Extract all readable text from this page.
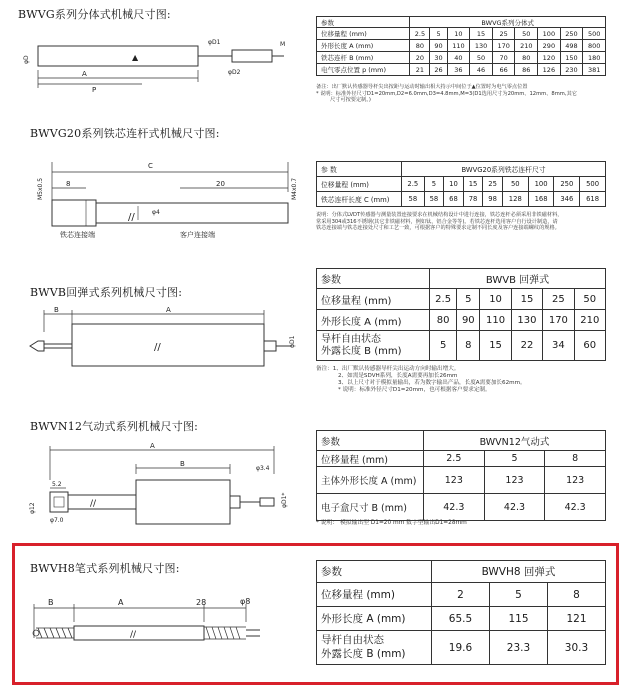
BWVG系列分体式机械尺寸图:
A
P
φD
φD1
φD2
M
▲
参数	BWVG系列分体式								
位移量程 (mm)	2.5	5	10	15	25	50	100	250	500
外形长度 A (mm)	80	90	110	130	170	210	290	498	800
铁芯连杆 B (mm)	20	30	40	50	70	80	120	150	180
电气零点位置 p (mm)	21	26	36	46	66	86	126	230	381
备注：出厂默认传感器导杆尖出按距与运动时输出相大持示中间位于▲位置时为电气零点位置
* 说明：标准外径尺寸D1=20mm,D2=6.0mm,D3=4.8mm,M=3(D1选用尺寸为20mm、12mm、8mm,其它
尺寸可按要定制。)
BWVG20系列铁芯连杆式机械尺寸图:
C
8	20
//
M5x0.5	M4x0.7
φ4
铁芯连接端	客户连接端
参 数	BWVG20系列铁芯连杆尺寸								
位移量程 (mm)	2.5	5	10	15	25	50	100	250	500
铁芯连杆长度 C (mm)	58	58	68	78	98	128	168	346	618
说明：分体式LVDT传感器与测量装置连接要求在机械结构设计中进行连接，铁芯连杆必须采用非铁磁材料，
常采用304或316不锈钢(其它非铁磁材料，例如钛，铝合金等等)。若铁芯连杆选用客户自行设计制造，请
铁芯连接端与铁芯连接处尺寸和工艺一致，可根据客户的特殊要求定制不同长度及客户连接端螺纹的规格。
BWVB回弹式系列机械尺寸图:
B	A
//	φD1
参数	BWVB 回弹式					
位移量程 (mm)	2.5	5	10	15	25	50
外形长度 A (mm)	80	90	110	130	170	210

导杆自由状态
外露长度 B (mm)	5	8	15	22	34	60
备注：1、出厂默认传感器导杆尖出运动方向时输出增大。
2、如需是SDVH系列，长度A需要再加长26mm
3、以上尺寸对于模拟量输出，若为数字输出产品，长度A需要加长62mm。
* 说明：标准外径尺寸D1=20mm，也可根据客户要求定制。
BWVN12气动式系列机械尺寸图:
A
B
5.2
//
φ12
φ7.0
φ3.4
φD1*
参数	BWVN12气动式		
位移量程 (mm)	2.5	5	8
主体外形长度 A (mm)	123	123	123
电子盒尺寸 B (mm)	42.3	42.3	42.3
* 说明： 模拟输出型 D1=20 mm 数字型输出D1=28mm
BWVH8笔式系列机械尺寸图:
B	A	28	φ8
//
参数	BWVH8 回弹式		
位移量程 (mm)	2	5	8
外形长度 A (mm)	65.5	115	121

导杆自由状态
外露长度 B (mm)	19.6	23.3	30.3
